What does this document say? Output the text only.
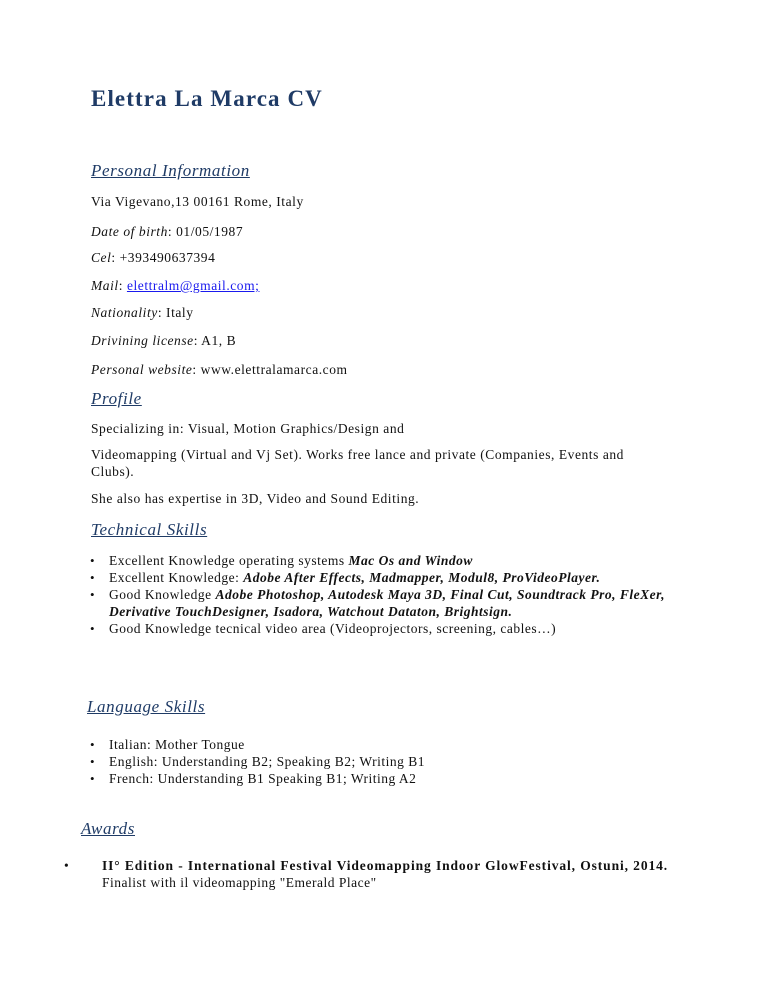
Elettra La Marca CV
Personal Information

Via Vigevano,13 00161 Rome, Italy

Date of birth: 01/05/1987

Cel: +393490637394

Mail: elettralm@gmail.com;

Nationality: Italy

Drivining license: A1, B

Personal website: www.elettralamarca.com

Profile

Specializing in: Visual, Motion Graphics/Design and

Videomapping (Virtual and Vj Set). Works free lance and private (Companies, Events and Clubs).

She also has expertise in 3D, Video and Sound Editing.

Technical Skills
• Excellent Knowledge operating systems Mac Os and Window
• Excellent Knowledge: Adobe After Effects, Madmapper, Modul8, ProVideoPlayer.
• Good Knowledge Adobe Photoshop, Autodesk Maya 3D, Final Cut, Soundtrack Pro, FleXer, Derivative TouchDesigner, Isadora, Watchout Dataton, Brightsign.
• Good Knowledge tecnical video area (Videoprojectors, screening, cables…)
Language Skills
• Italian: Mother Tongue
• English: Understanding B2; Speaking B2; Writing B1
• French: Understanding B1 Speaking B1; Writing A2
Awards
•	II° Edition - International Festival Videomapping Indoor GlowFestival, Ostuni, 2014.
Finalist with il videomapping "Emerald Place"
